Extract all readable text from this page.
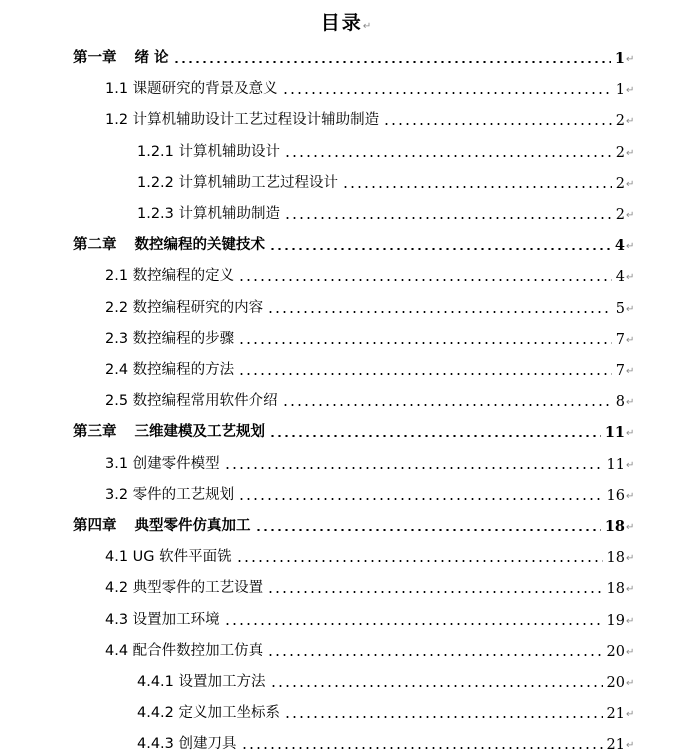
目录↵
第一章 绪 论	1 ↵
1.1 课题研究的背景及意义	1 ↵
1.2 计算机辅助设计工艺过程设计辅助制造	2 ↵
1.2.1 计算机辅助设计	2 ↵
1.2.2 计算机辅助工艺过程设计	2 ↵
1.2.3 计算机辅助制造	2 ↵
第二章 数控编程的关键技术	4 ↵
2.1 数控编程的定义	4 ↵
2.2 数控编程研究的内容	5 ↵
2.3 数控编程的步骤	7 ↵
2.4 数控编程的方法	7 ↵
2.5 数控编程常用软件介绍	8 ↵
第三章 三维建模及工艺规划	11 ↵
3.1 创建零件模型	11 ↵
3.2 零件的工艺规划	16 ↵
第四章 典型零件仿真加工	18 ↵
4.1 UG 软件平面铣	18 ↵
4.2 典型零件的工艺设置	18 ↵
4.3 设置加工环境	19 ↵
4.4 配合件数控加工仿真	20 ↵
4.4.1 设置加工方法	20 ↵
4.4.2 定义加工坐标系	21 ↵
4.4.3 创建刀具	21 ↵
